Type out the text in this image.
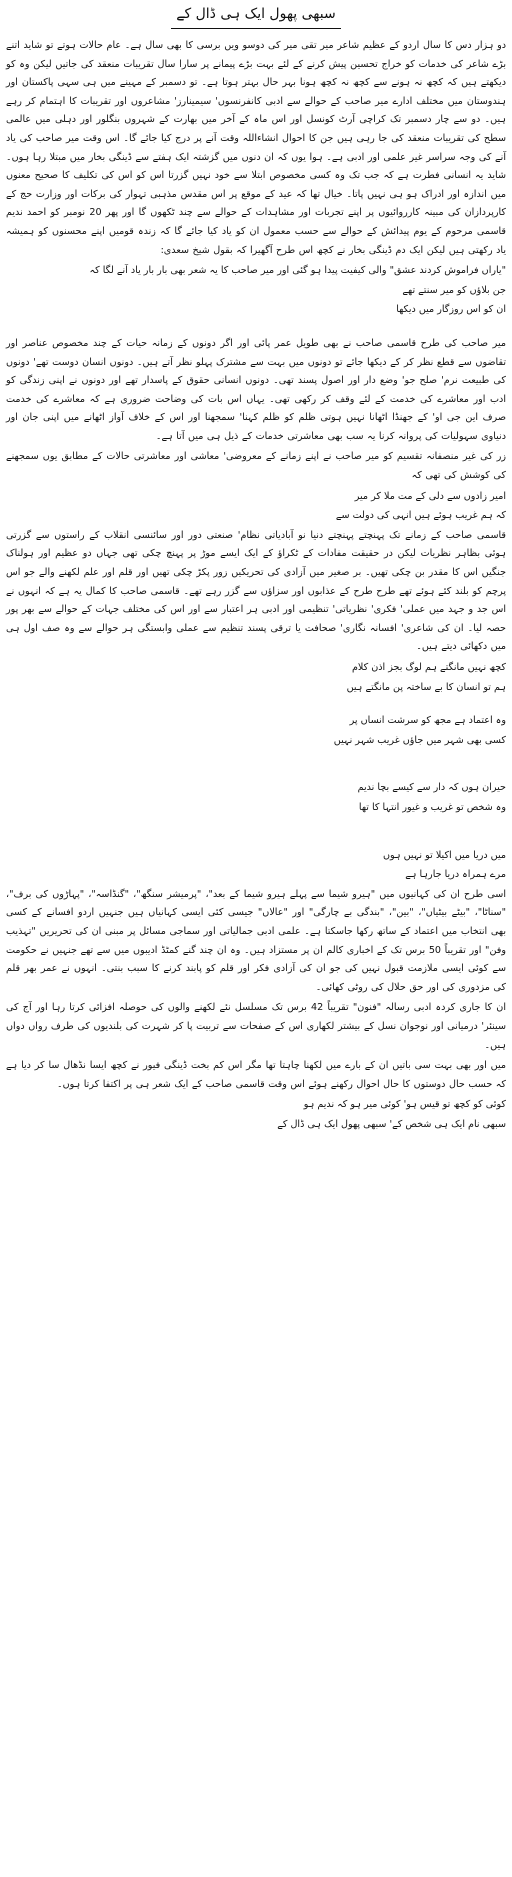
سبھی پھول ایک ہی ڈال کے
دو ہزار دس کا سال اردو کے عظیم شاعر میر تقی میر کی دوسو ویں برسی کا بھی سال ہے۔ عام حالات ہوتے تو شاید اتنے بڑے شاعر کی خدمات کو خراج تحسین پیش کرنے کے لئے بہت بڑے پیمانے پر سارا سال تقریبات منعقد کی جاتیں لیکن وہ کو دیکھتے ہیں کہ کچھ نہ ہونے سے کچھ نہ کچھ ہونا بہر حال بہتر ہوتا ہے۔ تو دسمبر کے مہینے میں ہی سہی پاکستان اور ہندوستان میں مختلف ادارے میر صاحب کے حوالے سے ادبی کانفرنسوں' سیمینارز' مشاعروں اور تقریبات کا اہتمام کر رہے ہیں۔ دو سے چار دسمبر تک کراچی آرٹ کونسل اور اس ماہ کے آخر میں بھارت کے شہروں بنگلور اور دہلی میں عالمی سطح کی تقریبات منعقد کی جا رہی ہیں جن کا احوال انشاءاللہ وقت آنے پر درج کیا جائے گا۔ اس وقت میر صاحب کی یاد آنے کی وجہ سراسر غیر علمی اور ادبی ہے۔ ہوا یوں کہ ان دنوں میں گزشتہ ایک ہفتے سے ڈینگی بخار میں مبتلا رہا ہوں۔ شاید یہ انسانی فطرت ہے کہ جب تک وہ کسی مخصوص ابتلا سے خود نہیں گزرتا اس کو اس کی تکلیف کا صحیح معنوں میں اندازہ اور ادراک ہو ہی نہیں پاتا۔ خیال تھا کہ عید کے موقع پر اس مقدس مذہبی تہوار کی برکات اور وزارت حج کے کارپردازان کی مبینہ کارروائیوں پر اپنے تجربات اور مشاہدات کے حوالے سے چند ٹکھوں گا اور پھر 20 نومبر کو احمد ندیم قاسمی مرحوم کے یوم پیدائش کے حوالے سے حسب معمول ان کو یاد کیا جائے گا کہ زندہ قومیں اپنے محسنوں کو ہمیشہ یاد رکھتی ہیں لیکن ایک دم ڈینگی بخار نے کچھ اس طرح آگھیرا کہ بقول شیخ سعدی:
"یاراں فراموش کردند عشق" والی کیفیت پیدا ہو گئی اور میر صاحب کا یہ شعر بھی بار بار یاد آنے لگا کہ
جن بلاؤں کو میر سنتے تھے
ان کو اس روزگار میں دیکھا
میر صاحب کی طرح قاسمی صاحب نے بھی طویل عمر پائی اور اگر دونوں کے زمانہ حیات کے چند مخصوص عناصر اور تقاضوں سے قطع نظر کر کے دیکھا جائے تو دونوں میں بہت سے مشترک پہلو نظر آتے ہیں۔ دونوں انسان دوست تھے' دونوں کی طبیعت نرم' صلح جو' وضع دار اور اصول پسند تھی۔ دونوں انسانی حقوق کے پاسدار تھے اور دونوں نے اپنی زندگی کو ادب اور معاشرے کی خدمت کے لئے وقف کر رکھی تھی۔ یہاں اس بات کی وضاحت ضروری ہے کہ معاشرے کی خدمت صرف این جی او' کے جھنڈا اٹھانا نہیں ہوتی ظلم کو ظلم کہنا' سمجھنا اور اس کے خلاف آواز اٹھانے میں اپنی جان اور دنیاوی سہولیات کی پروانہ کرنا یہ سب بھی معاشرتی خدمات کے ذیل ہی میں آتا ہے۔
زر کی غیر منصفانہ تقسیم کو میر صاحب نے اپنے زمانے کے معروضی' معاشی اور معاشرتی حالات کے مطابق یوں سمجھنے کی کوشش کی تھی کہ
امیر زادوں سے دلی کے مت ملا کر میر
کہ ہم غریب ہوئے ہیں انہی کی دولت سے
قاسمی صاحب کے زمانے تک پہنچتے پہنچتے دنیا نو آبادیاتی نظام' صنعتی دور اور سائنسی انقلاب کے راستوں سے گزرتی ہوئی بظاہر نظریات لیکن در حقیقت مفادات کے ٹکراؤ کے ایک ایسے موڑ پر پہنچ چکی تھی جہاں دو عظیم اور ہولناک جنگیں اس کا مقدر بن چکی تھیں۔ بر صغیر میں آزادی کی تحریکیں زور پکڑ چکی تھیں اور قلم اور علم لکھنے والے جو اس پرچم کو بلند کئے ہوئے تھے طرح طرح کے عذابوں اور سزاؤں سے گزر رہے تھے۔ قاسمی صاحب کا کمال یہ ہے کہ انہوں نے اس جد و جہد میں عملی' فکری' نظریاتی' تنظیمی اور ادبی ہر اعتبار سے اور اس کی مختلف جہات کے حوالے سے بھر پور حصہ لیا۔ ان کی شاعری' افسانہ نگاری' صحافت یا ترقی پسند تنظیم سے عملی وابستگی ہر حوالے سے وہ صف اول ہی میں دکھائی دیتے ہیں۔
کچھ نہیں مانگتے ہم لوگ بجز اذن کلام
ہم تو انسان کا بے ساختہ پن مانگتے ہیں
وہ اعتماد ہے مجھ کو سرشت انساں پر
کسی بھی شہر میں جاؤں غریب شہر نہیں
حیران ہوں کہ دار سے کیسے بچا ندیم
وہ شخص تو غریب و غیور انتہا کا تھا
میں دریا میں اکیلا تو نہیں ہوں
مرے ہمراہ دریا جارہا ہے
اسی طرح ان کی کہانیوں میں "ہیرو شیما سے پہلے ہیرو شیما کے بعد"، "پرمیشر سنگھ"، "گنڈاسہ"، "پہاڑوں کی برف"، "سناٹا"، "بیٹے بیٹیاں"، "بین"، "بندگی بے چارگی" اور "عالاں" جیسی کئی ایسی کہانیاں ہیں جنہیں اردو افسانے کے کسی بھی انتخاب میں اعتماد کے ساتھ رکھا جاسکتا ہے۔ علمی ادبی جمالیاتی اور سماجی مسائل پر مبنی ان کی تحریریں "تہذیب وفن" اور تقریباً 50 برس تک کے اخباری کالم ان پر مستزاد ہیں۔ وہ ان چند گنے کمٹڈ ادیبوں میں سے تھے جنہیں نے حکومت سے کوئی ایسی ملازمت قبول نہیں کی جو ان کی آزادی فکر اور قلم کو پابند کرنے کا سبب بنتی۔ انہوں نے عمر بھر قلم کی مزدوری کی اور حق حلال کی روٹی کھائی۔
ان کا جاری کردہ ادبی رسالہ "فنون" تقریباً 42 برس تک مسلسل نئے لکھنے والوں کی حوصلہ افزائی کرتا رہا اور آج کی سینئر' درمیانی اور نوجوان نسل کے بیشتر لکھاری اس کے صفحات سے تربیت پا کر شہرت کی بلندیوں کی طرف رواں دواں ہیں۔
میں اور بھی بہت سی باتیں ان کے بارے میں لکھنا چاہتا تھا مگر اس کم بخت ڈینگی فیور نے کچھ ایسا نڈھال سا کر دیا ہے کہ حسب حال دوستوں کا حال احوال رکھنے ہوئے اس وقت قاسمی صاحب کے ایک شعر ہی پر اکتفا کرتا ہوں۔
کوئی کو کچھ تو قیس ہو' کوئی میر ہو کہ ندیم ہو
سبھی نام ایک ہی شخص کے' سبھی پھول ایک ہی ڈال کے
